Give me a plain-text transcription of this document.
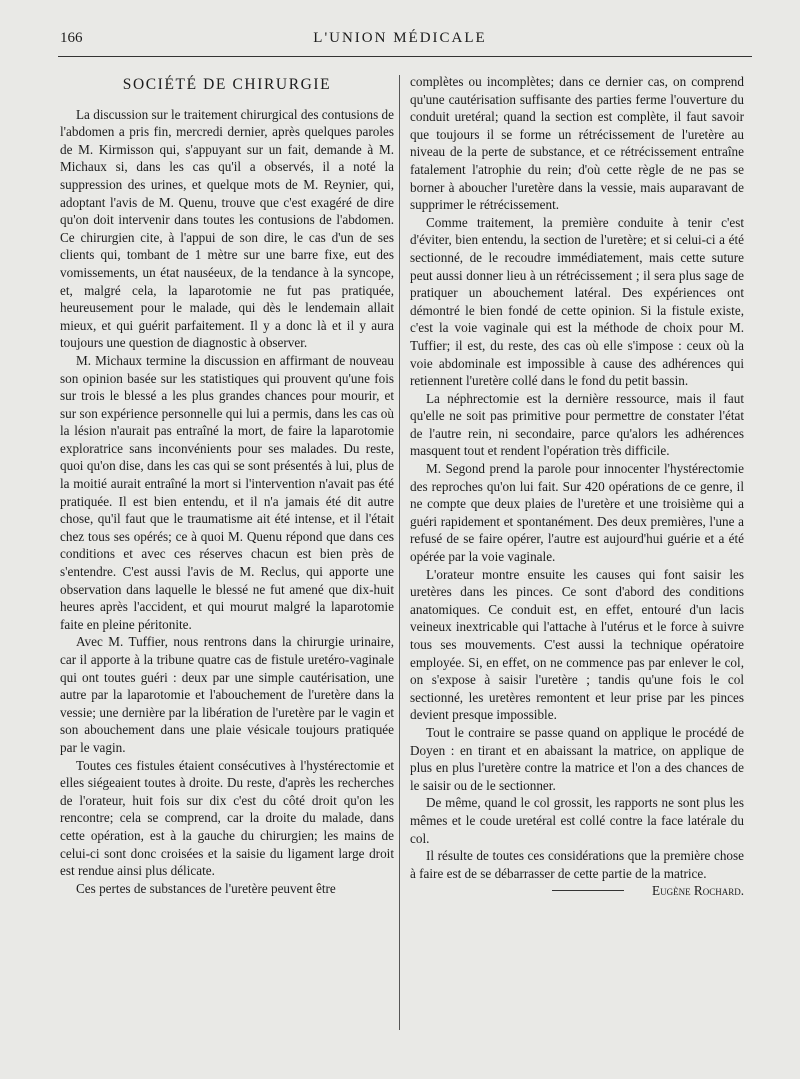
166	L'UNION MÉDICALE
SOCIÉTÉ DE CHIRURGIE

La discussion sur le traitement chirurgical des contusions de l'abdomen a pris fin, mercredi dernier, après quelques paroles de M. Kirmisson qui, s'appuyant sur un fait, demande à M. Michaux si, dans les cas qu'il a observés, il a noté la suppression des urines, et quelque mots de M. Reynier, qui, adoptant l'avis de M. Quenu, trouve que c'est exagéré de dire qu'on doit intervenir dans toutes les contusions de l'abdomen. Ce chirurgien cite, à l'appui de son dire, le cas d'un de ses clients qui, tombant de 1 mètre sur une barre fixe, eut des vomissements, un état nauséeux, de la tendance à la syncope, et, malgré cela, la laparotomie ne fut pas pratiquée, heureusement pour le malade, qui dès le lendemain allait mieux, et qui guérit parfaitement. Il y a donc là et il y aura toujours une question de diagnostic à observer.

M. Michaux termine la discussion en affirmant de nouveau son opinion basée sur les statistiques qui prouvent qu'une fois sur trois le blessé a les plus grandes chances pour mourir, et sur son expérience personnelle qui lui a permis, dans les cas où la lésion n'aurait pas entraîné la mort, de faire la laparotomie exploratrice sans inconvénients pour ses malades. Du reste, quoi qu'on dise, dans les cas qui se sont présentés à lui, plus de la moitié aurait entraîné la mort si l'intervention n'avait pas été pratiquée. Il est bien entendu, et il n'a jamais été dit autre chose, qu'il faut que le traumatisme ait été intense, et il l'était chez tous ses opérés; ce à quoi M. Quenu répond que dans ces conditions et avec ces réserves chacun est bien près de s'entendre. C'est aussi l'avis de M. Reclus, qui apporte une observation dans laquelle le blessé ne fut amené que dix-huit heures après l'accident, et qui mourut malgré la laparotomie faite en pleine péritonite.

Avec M. Tuffier, nous rentrons dans la chirurgie urinaire, car il apporte à la tribune quatre cas de fistule uretéro-vaginale qui ont toutes guéri : deux par une simple cautérisation, une autre par la laparotomie et l'abouchement de l'uretère dans la vessie; une dernière par la libération de l'uretère par le vagin et son abouchement dans une plaie vésicale toujours pratiquée par le vagin.

Toutes ces fistules étaient consécutives à l'hystérectomie et elles siégeaient toutes à droite. Du reste, d'après les recherches de l'orateur, huit fois sur dix c'est du côté droit qu'on les rencontre; cela se comprend, car la droite du malade, dans cette opération, est à la gauche du chirurgien; les mains de celui-ci sont donc croisées et la saisie du ligament large droit est rendue ainsi plus délicate.

Ces pertes de substances de l'uretère peuvent être

complètes ou incomplètes; dans ce dernier cas, on comprend qu'une cautérisation suffisante des parties ferme l'ouverture du conduit uretéral; quand la section est complète, il faut savoir que toujours il se forme un rétrécissement de l'uretère au niveau de la perte de substance, et ce rétrécissement entraîne fatalement l'atrophie du rein; d'où cette règle de ne pas se borner à aboucher l'uretère dans la vessie, mais auparavant de supprimer le rétrécissement.

Comme traitement, la première conduite à tenir c'est d'éviter, bien entendu, la section de l'uretère; et si celui-ci a été sectionné, de le recoudre immédiatement, mais cette suture peut aussi donner lieu à un rétrécissement ; il sera plus sage de pratiquer un abouchement latéral. Des expériences ont démontré le bien fondé de cette opinion. Si la fistule existe, c'est la voie vaginale qui est la méthode de choix pour M. Tuffier; il est, du reste, des cas où elle s'impose : ceux où la voie abdominale est impossible à cause des adhérences qui retiennent l'uretère collé dans le fond du petit bassin.

La néphrectomie est la dernière ressource, mais il faut qu'elle ne soit pas primitive pour permettre de constater l'état de l'autre rein, ni secondaire, parce qu'alors les adhérences masquent tout et rendent l'opération très difficile.

M. Segond prend la parole pour innocenter l'hystérectomie des reproches qu'on lui fait. Sur 420 opérations de ce genre, il ne compte que deux plaies de l'uretère et une troisième qui a guéri rapidement et spontanément. Des deux premières, l'une a refusé de se faire opérer, l'autre est aujourd'hui guérie et a été opérée par la voie vaginale.

L'orateur montre ensuite les causes qui font saisir les uretères dans les pinces. Ce sont d'abord des conditions anatomiques. Ce conduit est, en effet, entouré d'un lacis veineux inextricable qui l'attache à l'utérus et le force à suivre tous ses mouvements. C'est aussi la technique opératoire employée. Si, en effet, on ne commence pas par enlever le col, on s'expose à saisir l'uretère ; tandis qu'une fois le col sectionné, les uretères remontent et leur prise par les pinces devient presque impossible.

Tout le contraire se passe quand on applique le procédé de Doyen : en tirant et en abaissant la matrice, on applique de plus en plus l'uretère contre la matrice et l'on a des chances de le saisir ou de le sectionner.

De même, quand le col grossit, les rapports ne sont plus les mêmes et le coude uretéral est collé contre la face latérale du col.

Il résulte de toutes ces considérations que la première chose à faire est de se débarrasser de cette partie de la matrice.
Eugène Rochard.
